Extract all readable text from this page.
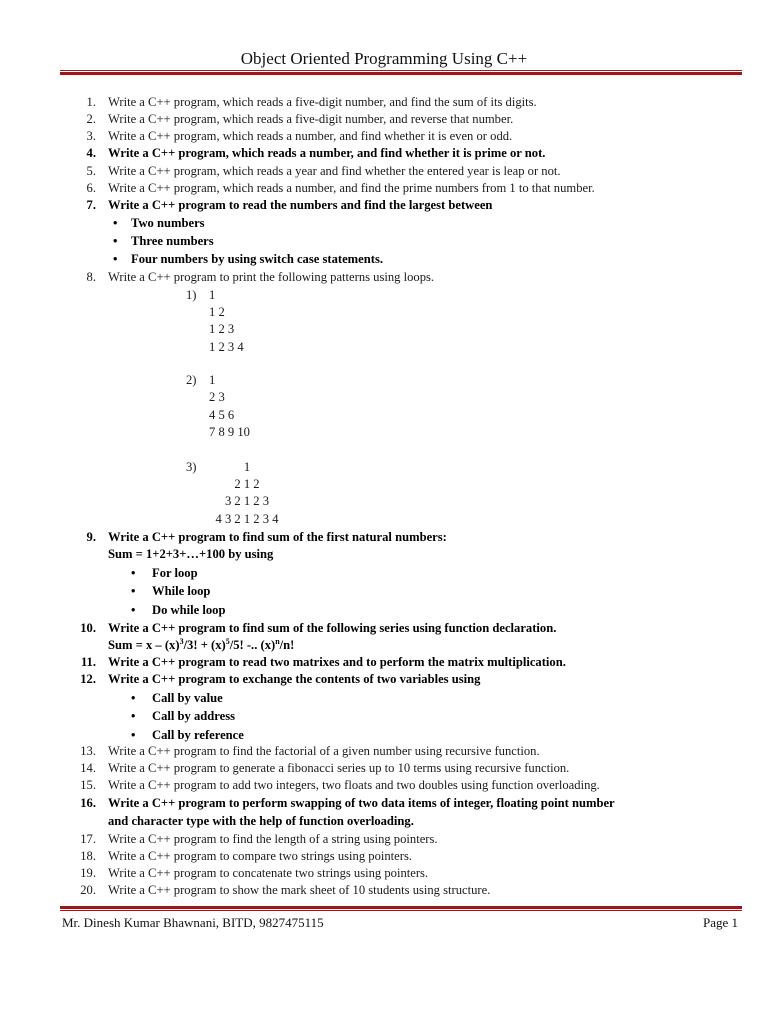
Object Oriented Programming Using C++
1. Write a C++ program, which reads a five-digit number, and find the sum of its digits.
2. Write a C++ program, which reads a five-digit number, and reverse that number.
3. Write a C++ program, which reads a number, and find whether it is even or odd.
4. Write a C++ program, which reads a number, and find whether it is prime or not.
5. Write a C++ program, which reads a year and find whether the entered year is leap or not.
6. Write a C++ program, which reads a number, and find the prime numbers from 1 to that number.
7. Write a C++ program to read the numbers and find the largest between
• Two numbers
• Three numbers
• Four numbers by using switch case statements.
8. Write a C++ program to print the following patterns using loops.
1) 1
1 2
1 2 3
1 2 3 4
2) 1
2 3
4 5 6
7 8 9 10
3)	1
2 1 2
3 2 1 2 3
4 3 2 1 2 3 4
9. Write a C++ program to find sum of the first natural numbers:
Sum = 1+2+3+…+100 by using
• For loop
• While loop
• Do while loop
10. Write a C++ program to find sum of the following series using function declaration.
Sum = x – $(x)^3/3$! + $(x)^5/5$! -.. $(x)^n/n$!
11. Write a C++ program to read two matrixes and to perform the matrix multiplication.
12. Write a C++ program to exchange the contents of two variables using
• Call by value
• Call by address
• Call by reference
13. Write a C++ program to find the factorial of a given number using recursive function.
14. Write a C++ program to generate a fibonacci series up to 10 terms using recursive function.
15. Write a C++ program to add two integers, two floats and two doubles using function overloading.
16. Write a C++ program to perform swapping of two data items of integer, floating point number
and character type with the help of function overloading.
17. Write a C++ program to find the length of a string using pointers.
18. Write a C++ program to compare two strings using pointers.
19. Write a C++ program to concatenate two strings using pointers.
20. Write a C++ program to show the mark sheet of 10 students using structure.
Mr. Dinesh Kumar Bhawnani, BITD, 9827475115	Page 1
